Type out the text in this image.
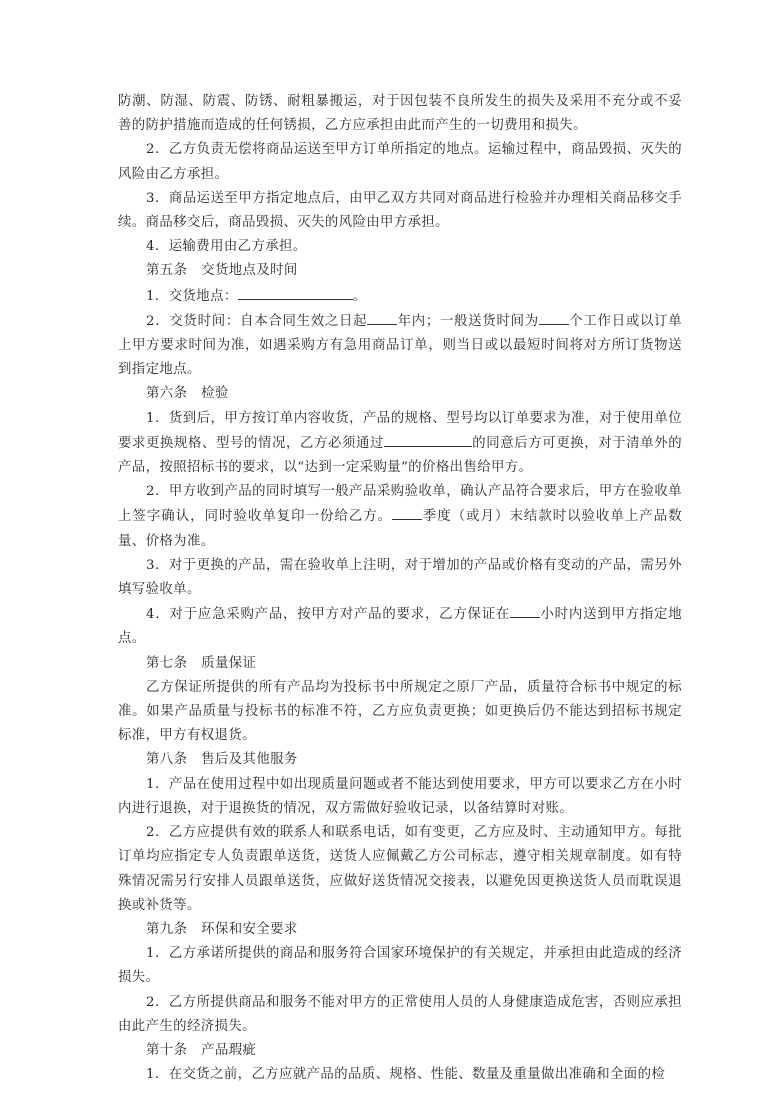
防潮、防湿、防震、防锈、耐粗暴搬运，对于因包装不良所发生的损失及采用不充分或不妥善的防护措施而造成的任何锈损，乙方应承担由此而产生的一切费用和损失。

2．乙方负责无偿将商品运送至甲方订单所指定的地点。运输过程中，商品毁损、灭失的风险由乙方承担。

3．商品运送至甲方指定地点后，由甲乙双方共同对商品进行检验并办理相关商品移交手续。商品移交后，商品毁损、灭失的风险由甲方承担。

4．运输费用由乙方承担。

第五条　交货地点及时间

1．交货地点：	。

2．交货时间：自本合同生效之日起 年内；一般送货时间为 个工作日或以订单上甲方要求时间为准，如遇采购方有急用商品订单，则当日或以最短时间将对方所订货物送到指定地点。

第六条　检验

1．货到后，甲方按订单内容收货，产品的规格、型号均以订单要求为准，对于使用单位要求更换规格、型号的情况，乙方必须通过	的同意后方可更换，对于清单外的产品，按照招标书的要求，以“达到一定采购量”的价格出售给甲方。

2．甲方收到产品的同时填写一般产品采购验收单，确认产品符合要求后，甲方在验收单上签字确认，同时验收单复印一份给乙方。 季度（或月）末结款时以验收单上产品数量、价格为准。

3．对于更换的产品，需在验收单上注明，对于增加的产品或价格有变动的产品，需另外填写验收单。

4．对于应急采购产品，按甲方对产品的要求，乙方保证在 小时内送到甲方指定地点。

第七条　质量保证

乙方保证所提供的所有产品均为投标书中所规定之原厂产品，质量符合标书中规定的标准。如果产品质量与投标书的标准不符，乙方应负责更换；如更换后仍不能达到招标书规定标准，甲方有权退货。

第八条　售后及其他服务

1．产品在使用过程中如出现质量问题或者不能达到使用要求，甲方可以要求乙方在小时内进行退换，对于退换货的情况，双方需做好验收记录，以备结算时对账。

2．乙方应提供有效的联系人和联系电话，如有变更，乙方应及时、主动通知甲方。每批订单均应指定专人负责跟单送货，送货人应佩戴乙方公司标志，遵守相关规章制度。如有特殊情况需另行安排人员跟单送货，应做好送货情况交接表，以避免因更换送货人员而耽误退换或补货等。

第九条　环保和安全要求

1．乙方承诺所提供的商品和服务符合国家环境保护的有关规定，并承担由此造成的经济损失。

2．乙方所提供商品和服务不能对甲方的正常使用人员的人身健康造成危害，否则应承担由此产生的经济损失。

第十条　产品瑕疵

1．在交货之前，乙方应就产品的品质、规格、性能、数量及重量做出准确和全面的检
